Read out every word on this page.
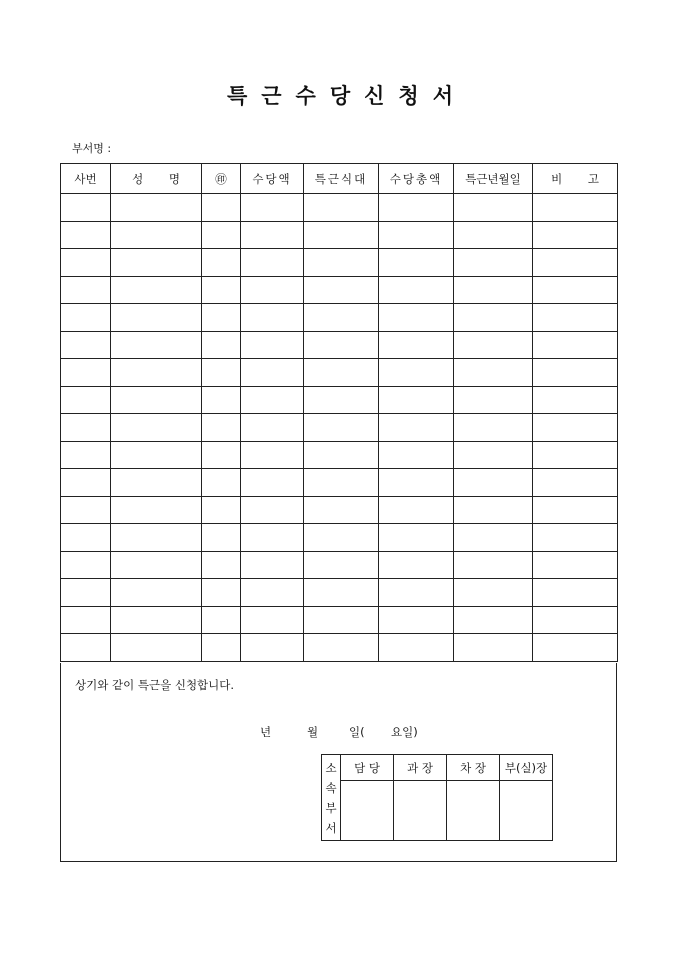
특근수당신청서
부서명 :
사번	성 명	㊞	수당액	특근식대	수당총액	특근년월일	비 고

상기와 같이 특근을 신청합니다.
년	월	일( 요일)
소
속
부
서	담 당	과 장	차 장	부(실)장
